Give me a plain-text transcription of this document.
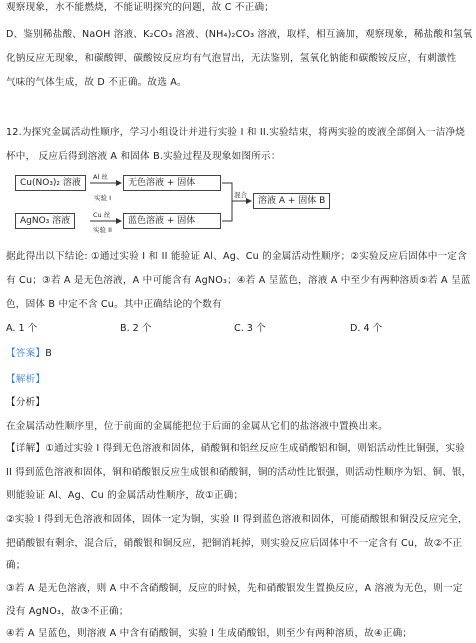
观察现象，水不能燃烧，不能证明探究的问题，故 C 不正确；
D、鉴别稀盐酸、NaOH 溶液、K₂CO₃ 溶液、(NH₄)₂CO₃ 溶液，取样，相互滴加，观察现象，稀盐酸和氢氧
化钠反应无现象，和碳酸钾、碳酸铵反应均有气泡冒出，无法鉴别，氢氧化钠能和碳酸铵反应，有刺激性
气味的气体生成，故 D 不正确。故选 A。
12.为探究金属活动性顺序，学习小组设计并进行实验 I 和 II.实验结束，将两实验的废液全部倒入一洁净烧
杯中， 反应后得到溶液 A 和固体 B.实验过程及现象如图所示：
Cu(NO₃)₂ 溶液
AgNO₃ 溶液
Al 丝
实验 I
Cu 丝
实验 II
无色溶液 + 固体
蓝色溶液 + 固体
混合
溶液 A + 固体 B
据此得出以下结论: ①通过实验 I 和 II 能验证 Al、Ag、Cu 的金属活动性顺序；②实验反应后固体中一定含
有 Cu；③若 A 是无色溶液，A 中可能含有 AgNO₃；④若 A 呈蓝色，溶液 A 中至少有两种溶质⑤若 A 呈蓝
色，固体 B 中定不含 Cu。其中正确结论的个数有
A. 1 个	B. 2 个	C. 3 个	D. 4 个
【答案】B
【解析】
【分析】
在金属活动性顺序里，位于前面的金属能把位于后面的金属从它们的盐溶液中置换出来。
【详解】①通过实验 I 得到无色溶液和固体，硝酸铜和铝丝反应生成硝酸铝和铜，则铝活动性比铜强，实验
II 得到蓝色溶液和固体，铜和硝酸银反应生成银和硝酸铜，铜的活动性比银强，则活动性顺序为铝、铜、银，
则能验证 Al、Ag、Cu 的金属活动性顺序，故①正确；
②实验 I 得到无色溶液和固体，固体一定为铜，实验 II 得到蓝色溶液和固体，可能硝酸银和铜没反应完全，
把硝酸银有剩余，混合后，硝酸银和铜反应，把铜消耗掉，则实验反应后固体中不一定含有 Cu，故②不正
确；
③若 A 是无色溶液，则 A 中不含硝酸铜，反应的时候，先和硝酸银发生置换反应，A 溶液为无色，则一定
没有 AgNO₃，故③不正确；
④若 A 呈蓝色，则溶液 A 中含有硝酸铜，实验 I 生成硝酸铝，则至少有两种溶质，故④正确；
